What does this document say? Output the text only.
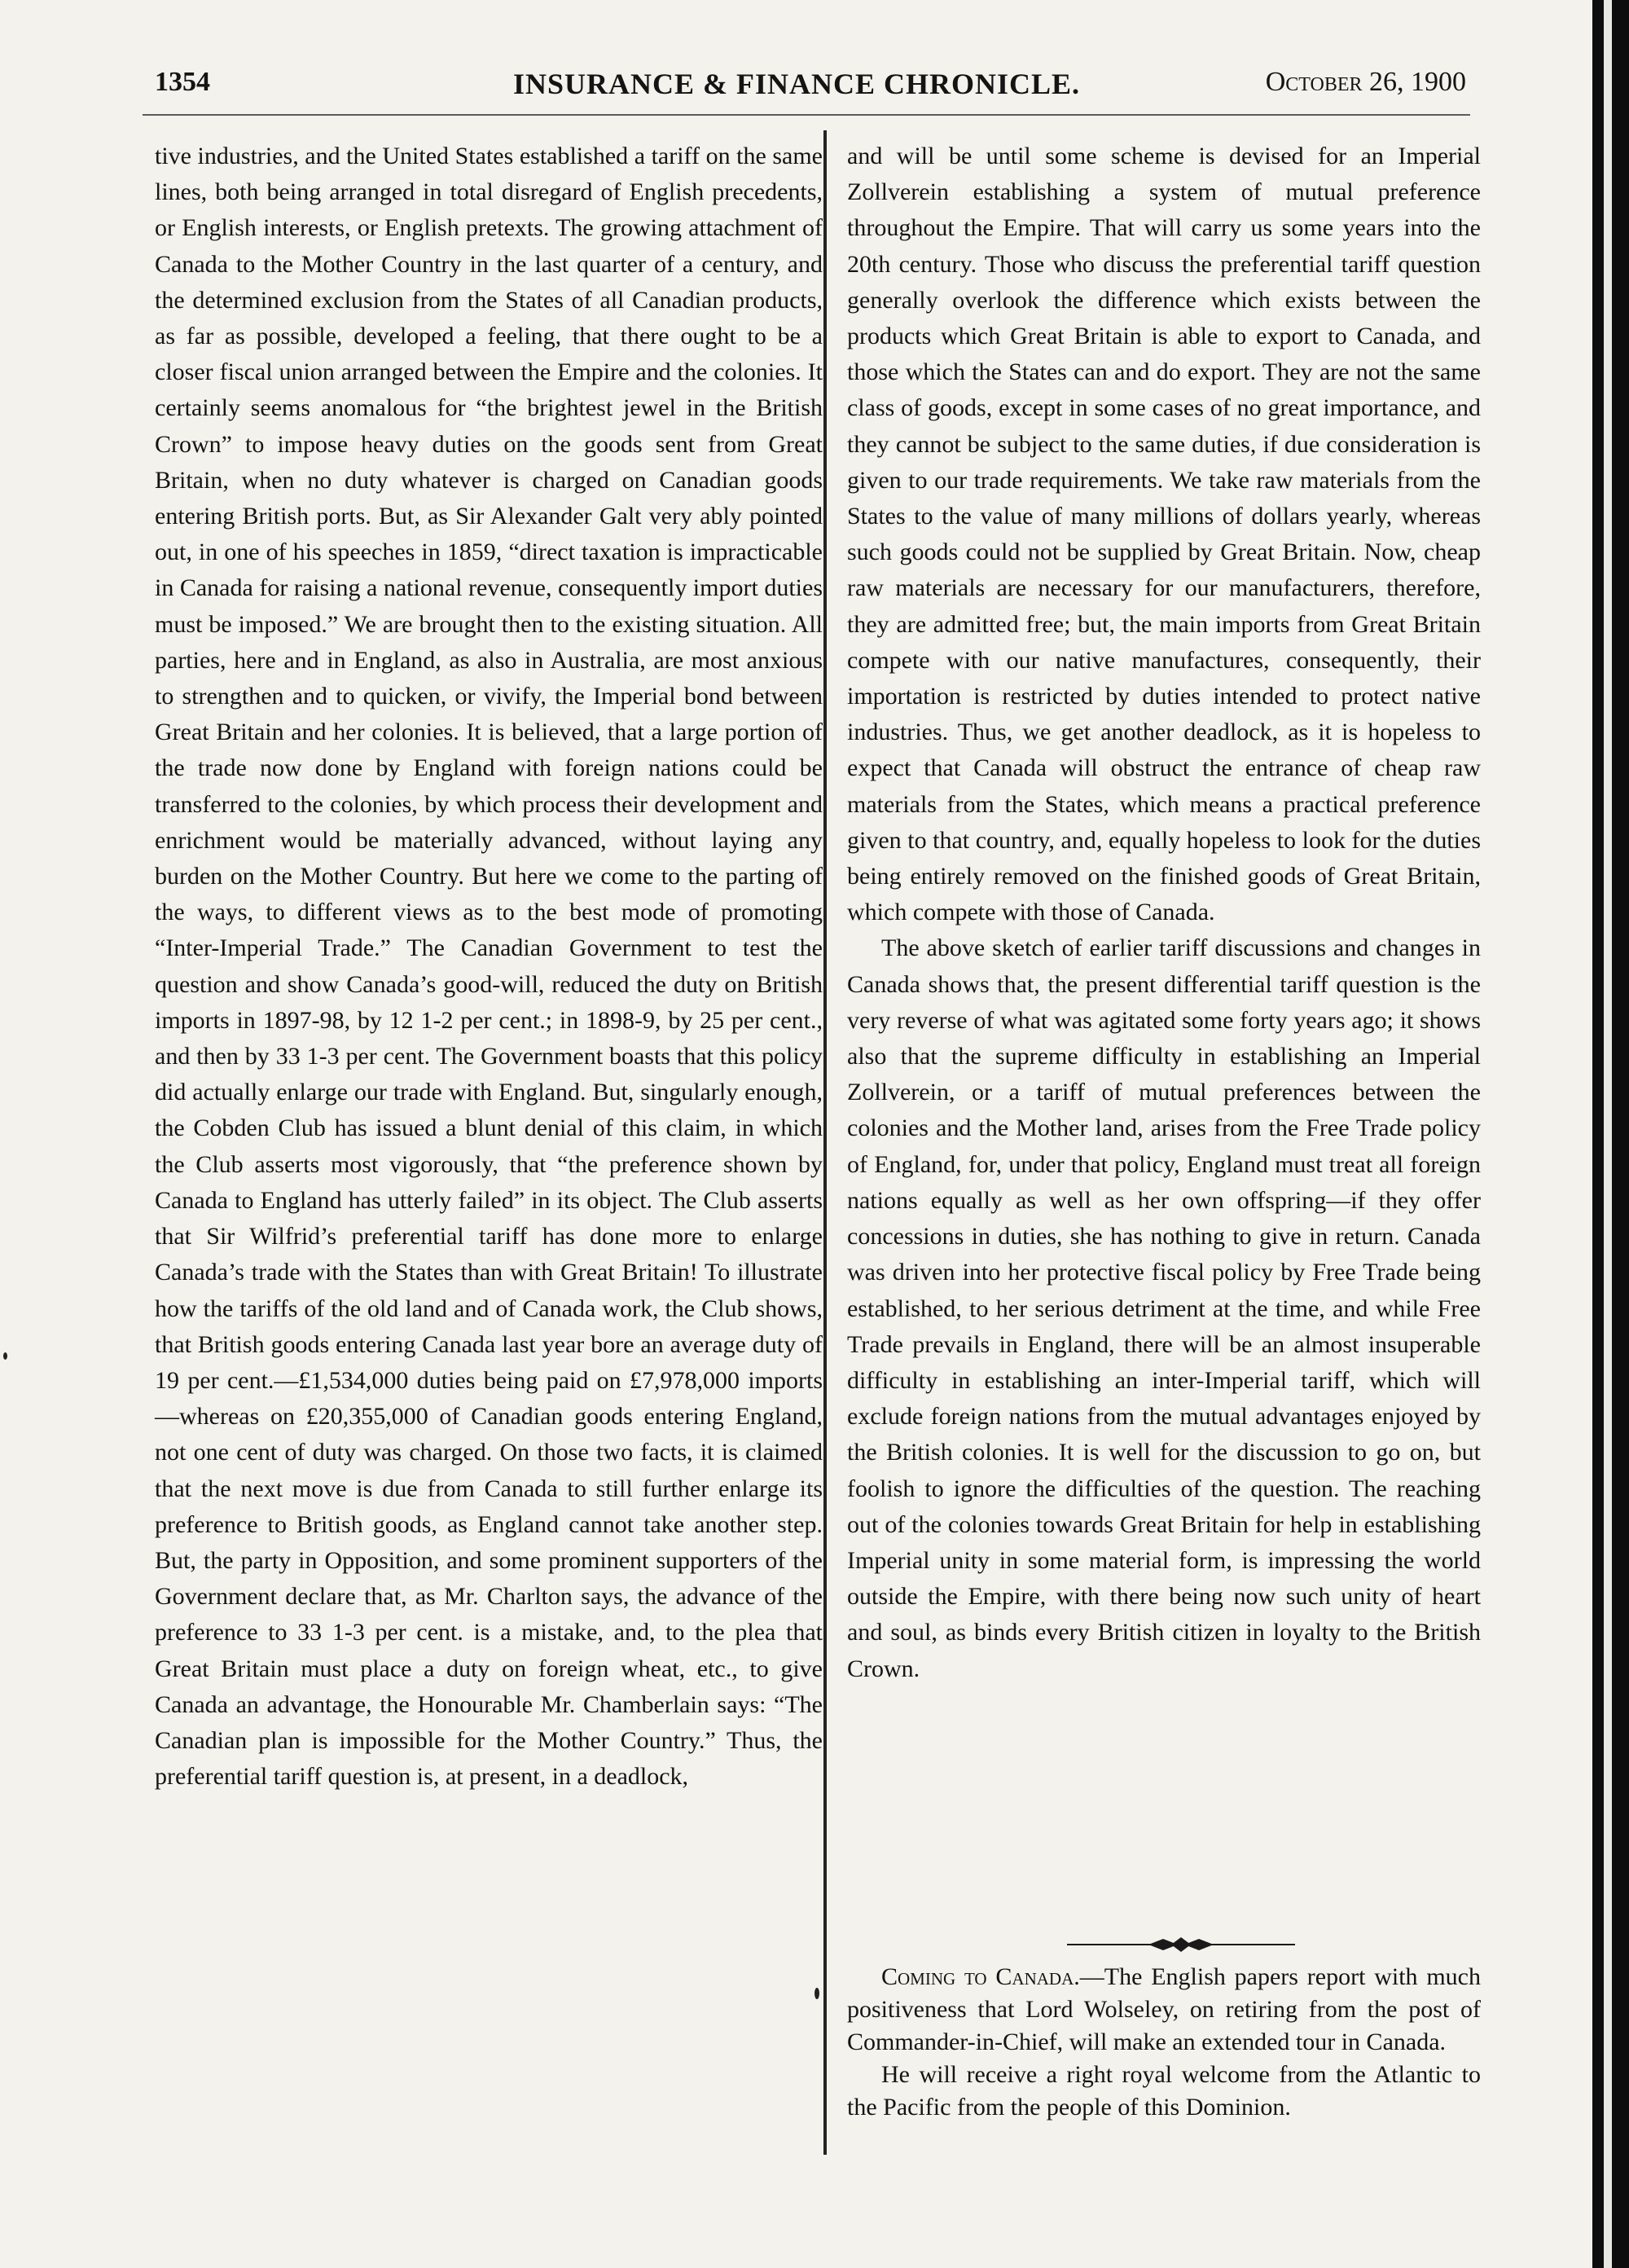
1354	INSURANCE & FINANCE CHRONICLE.	October 26, 1900

tive industries, and the United States established a tariff on the same lines, both being arranged in total disregard of English precedents, or English interests, or English pretexts. The growing attachment of Canada to the Mother Country in the last quarter of a century, and the determined exclusion from the States of all Canadian products, as far as possible, developed a feeling, that there ought to be a closer fiscal union arranged between the Empire and the colonies. It certainly seems anomalous for “the brightest jewel in the British Crown” to impose heavy duties on the goods sent from Great Britain, when no duty whatever is charged on Canadian goods entering British ports. But, as Sir Alexander Galt very ably pointed out, in one of his speeches in 1859, “direct taxation is impracticable in Canada for raising a national revenue, consequently import duties must be imposed.” We are brought then to the existing situation. All parties, here and in England, as also in Australia, are most anxious to strengthen and to quicken, or vivify, the Imperial bond between Great Britain and her colonies. It is believed, that a large portion of the trade now done by England with foreign nations could be transferred to the colonies, by which process their development and enrichment would be materially advanced, without laying any burden on the Mother Country. But here we come to the parting of the ways, to different views as to the best mode of promoting “Inter-Imperial Trade.” The Canadian Government to test the question and show Canada’s good-will, reduced the duty on British imports in 1897-98, by 12 1-2 per cent.; in 1898-9, by 25 per cent., and then by 33 1-3 per cent. The Government boasts that this policy did actually enlarge our trade with England. But, singularly enough, the Cobden Club has issued a blunt denial of this claim, in which the Club asserts most vigorously, that “the preference shown by Canada to England has utterly failed” in its object. The Club asserts that Sir Wilfrid’s preferential tariff has done more to enlarge Canada’s trade with the States than with Great Britain! To illustrate how the tariffs of the old land and of Canada work, the Club shows, that British goods entering Canada last year bore an average duty of 19 per cent.—£1,534,000 duties being paid on £7,978,000 imports—whereas on £20,355,000 of Canadian goods entering England, not one cent of duty was charged. On those two facts, it is claimed that the next move is due from Canada to still further enlarge its preference to British goods, as England cannot take another step. But, the party in Opposition, and some prominent supporters of the Government declare that, as Mr. Charlton says, the advance of the preference to 33 1-3 per cent. is a mistake, and, to the plea that Great Britain must place a duty on foreign wheat, etc., to give Canada an advantage, the Honourable Mr. Chamberlain says: “The Canadian plan is impossible for the Mother Country.” Thus, the preferential tariff question is, at present, in a deadlock,

and will be until some scheme is devised for an Imperial Zollverein establishing a system of mutual preference throughout the Empire. That will carry us some years into the 20th century. Those who discuss the preferential tariff question generally overlook the difference which exists between the products which Great Britain is able to export to Canada, and those which the States can and do export. They are not the same class of goods, except in some cases of no great importance, and they cannot be subject to the same duties, if due consideration is given to our trade requirements. We take raw materials from the States to the value of many millions of dollars yearly, whereas such goods could not be supplied by Great Britain. Now, cheap raw materials are necessary for our manufacturers, therefore, they are admitted free; but, the main imports from Great Britain compete with our native manufactures, consequently, their importation is restricted by duties intended to protect native industries. Thus, we get another deadlock, as it is hopeless to expect that Canada will obstruct the entrance of cheap raw materials from the States, which means a practical preference given to that country, and, equally hopeless to look for the duties being entirely removed on the finished goods of Great Britain, which compete with those of Canada.

The above sketch of earlier tariff discussions and changes in Canada shows that, the present differential tariff question is the very reverse of what was agitated some forty years ago; it shows also that the supreme difficulty in establishing an Imperial Zollverein, or a tariff of mutual preferences between the colonies and the Mother land, arises from the Free Trade policy of England, for, under that policy, England must treat all foreign nations equally as well as her own offspring—if they offer concessions in duties, she has nothing to give in return. Canada was driven into her protective fiscal policy by Free Trade being established, to her serious detriment at the time, and while Free Trade prevails in England, there will be an almost insuperable difficulty in establishing an inter-Imperial tariff, which will exclude foreign nations from the mutual advantages enjoyed by the British colonies. It is well for the discussion to go on, but foolish to ignore the difficulties of the question. The reaching out of the colonies towards Great Britain for help in establishing Imperial unity in some material form, is impressing the world outside the Empire, with there being now such unity of heart and soul, as binds every British citizen in loyalty to the British Crown.

Coming to Canada.—The English papers report with much positiveness that Lord Wolseley, on retiring from the post of Commander-in-Chief, will make an extended tour in Canada.

He will receive a right royal welcome from the Atlantic to the Pacific from the people of this Dominion.
